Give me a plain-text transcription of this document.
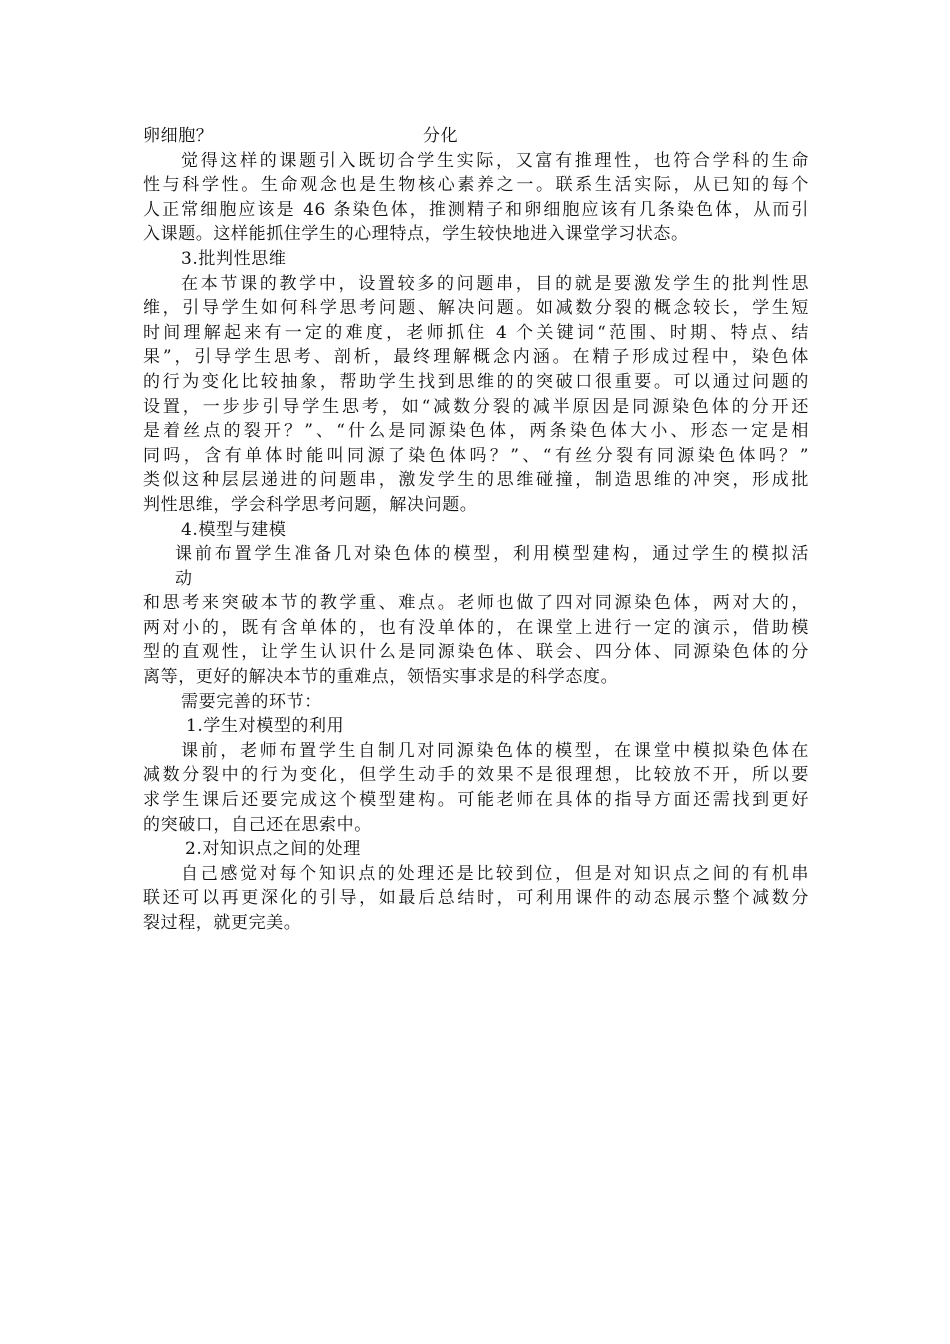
卵细胞？	分化
觉得这样的课题引入既切合学生实际，又富有推理性，也符合学科的生命
性与科学性。生命观念也是生物核心素养之一。联系生活实际，从已知的每个
人正常细胞应该是 46 条染色体，推测精子和卵细胞应该有几条染色体，从而引
入课题。这样能抓住学生的心理特点，学生较快地进入课堂学习状态。
3.批判性思维
在本节课的教学中，设置较多的问题串，目的就是要激发学生的批判性思
维，引导学生如何科学思考问题、解决问题。如减数分裂的概念较长，学生短
时间理解起来有一定的难度，老师抓住 4 个关键词“范围、时期、特点、结
果”，引导学生思考、剖析，最终理解概念内涵。在精子形成过程中，染色体
的行为变化比较抽象，帮助学生找到思维的的突破口很重要。可以通过问题的
设置，一步步引导学生思考，如“减数分裂的减半原因是同源染色体的分开还
是着丝点的裂开？”、“什么是同源染色体，两条染色体大小、形态一定是相
同吗，含有单体时能叫同源了染色体吗？”、“有丝分裂有同源染色体吗？”
类似这种层层递进的问题串，激发学生的思维碰撞，制造思维的冲突，形成批
判性思维，学会科学思考问题，解决问题。
4.模型与建模
课前布置学生准备几对染色体的模型，利用模型建构，通过学生的模拟活
动
和思考来突破本节的教学重、难点。老师也做了四对同源染色体，两对大的，
两对小的，既有含单体的，也有没单体的，在课堂上进行一定的演示，借助模
型的直观性，让学生认识什么是同源染色体、联会、四分体、同源染色体的分
离等，更好的解决本节的重难点，领悟实事求是的科学态度。
需要完善的环节：
1.学生对模型的利用
课前，老师布置学生自制几对同源染色体的模型，在课堂中模拟染色体在
减数分裂中的行为变化，但学生动手的效果不是很理想，比较放不开，所以要
求学生课后还要完成这个模型建构。可能老师在具体的指导方面还需找到更好
的突破口，自己还在思索中。
2.对知识点之间的处理
自己感觉对每个知识点的处理还是比较到位，但是对知识点之间的有机串
联还可以再更深化的引导，如最后总结时，可利用课件的动态展示整个减数分
裂过程，就更完美。
